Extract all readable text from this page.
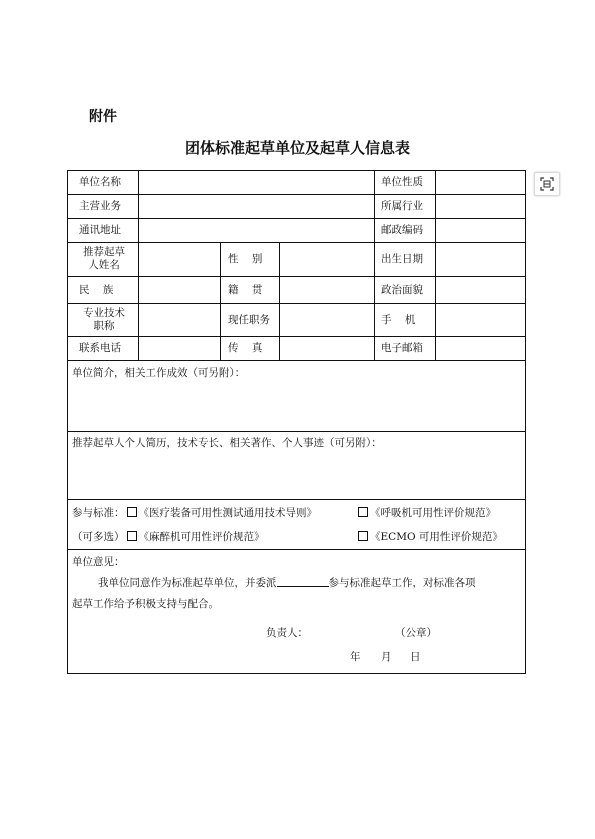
附件
团体标准起草单位及起草人信息表
单位名称	单位性质
主营业务	所属行业
通讯地址	邮政编码
推荐起草
人姓名	性    别	出生日期
民    族	籍    贯	政治面貌
专业技术
职称	现任职务	手    机
联系电话	传    真	电子邮箱
单位简介，相关工作成效（可另附）：
推荐起草人个人简历，技术专长、相关著作、个人事迹（可另附）：
参与标准： 《医疗装备可用性测试通用技术导则》	《呼吸机可用性评价规范》
（可多选） 《麻醉机可用性评价规范》	《ECMO 可用性评价规范》
单位意见：
我单位同意作为标准起草单位，并委派	参与标准起草工作，对标准各项
起草工作给予积极支持与配合。
负责人：	（公章）
年 月 日
